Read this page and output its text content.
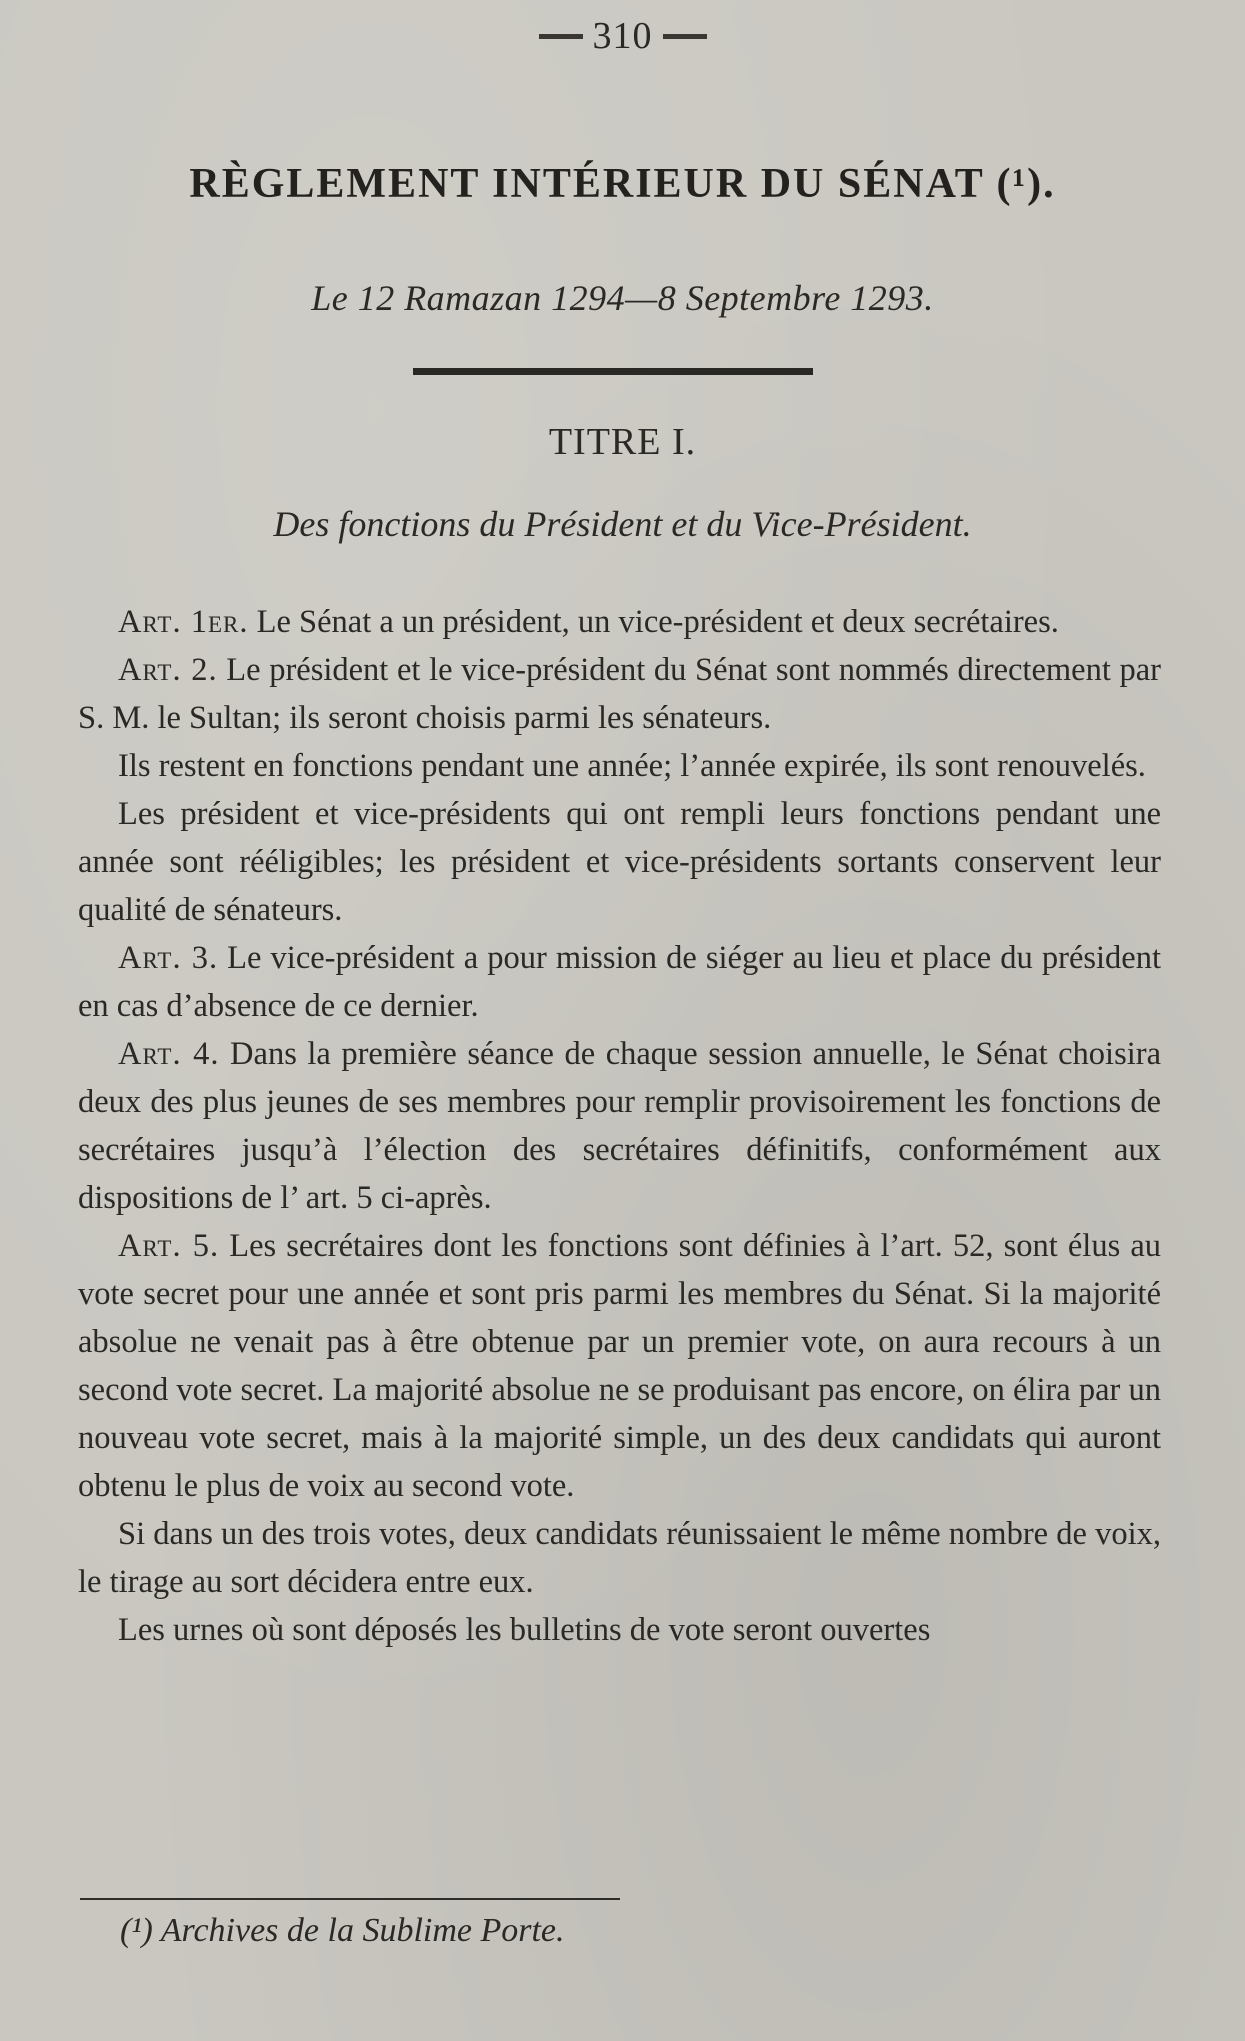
310
RÈGLEMENT INTÉRIEUR DU SÉNAT (¹).
Le 12 Ramazan 1294—8 Septembre 1293.
TITRE I.
Des fonctions du Président et du Vice-Président.

Art. 1er. Le Sénat a un président, un vice-président et deux secrétaires.

Art. 2. Le président et le vice-président du Sénat sont nommés directement par S. M. le Sultan; ils seront choisis parmi les sénateurs.

Ils restent en fonctions pendant une année; l’année expirée, ils sont renouvelés.

Les président et vice-présidents qui ont rempli leurs fonctions pendant une année sont rééligibles; les président et vice-présidents sortants conservent leur qualité de sénateurs.

Art. 3. Le vice-président a pour mission de siéger au lieu et place du président en cas d’absence de ce dernier.

Art. 4. Dans la première séance de chaque session annuelle, le Sénat choisira deux des plus jeunes de ses membres pour remplir provisoirement les fonctions de secrétaires jusqu’à l’élection des secrétaires définitifs, conformément aux dispositions de l’ art. 5 ci-après.

Art. 5. Les secrétaires dont les fonctions sont définies à l’art. 52, sont élus au vote secret pour une année et sont pris parmi les membres du Sénat. Si la majorité absolue ne venait pas à être obtenue par un premier vote, on aura recours à un second vote secret. La majorité absolue ne se produisant pas encore, on élira par un nouveau vote secret, mais à la majorité simple, un des deux candidats qui auront obtenu le plus de voix au second vote.

Si dans un des trois votes, deux candidats réunissaient le même nombre de voix, le tirage au sort décidera entre eux.

Les urnes où sont déposés les bulletins de vote seront ouvertes

(¹) Archives de la Sublime Porte.
